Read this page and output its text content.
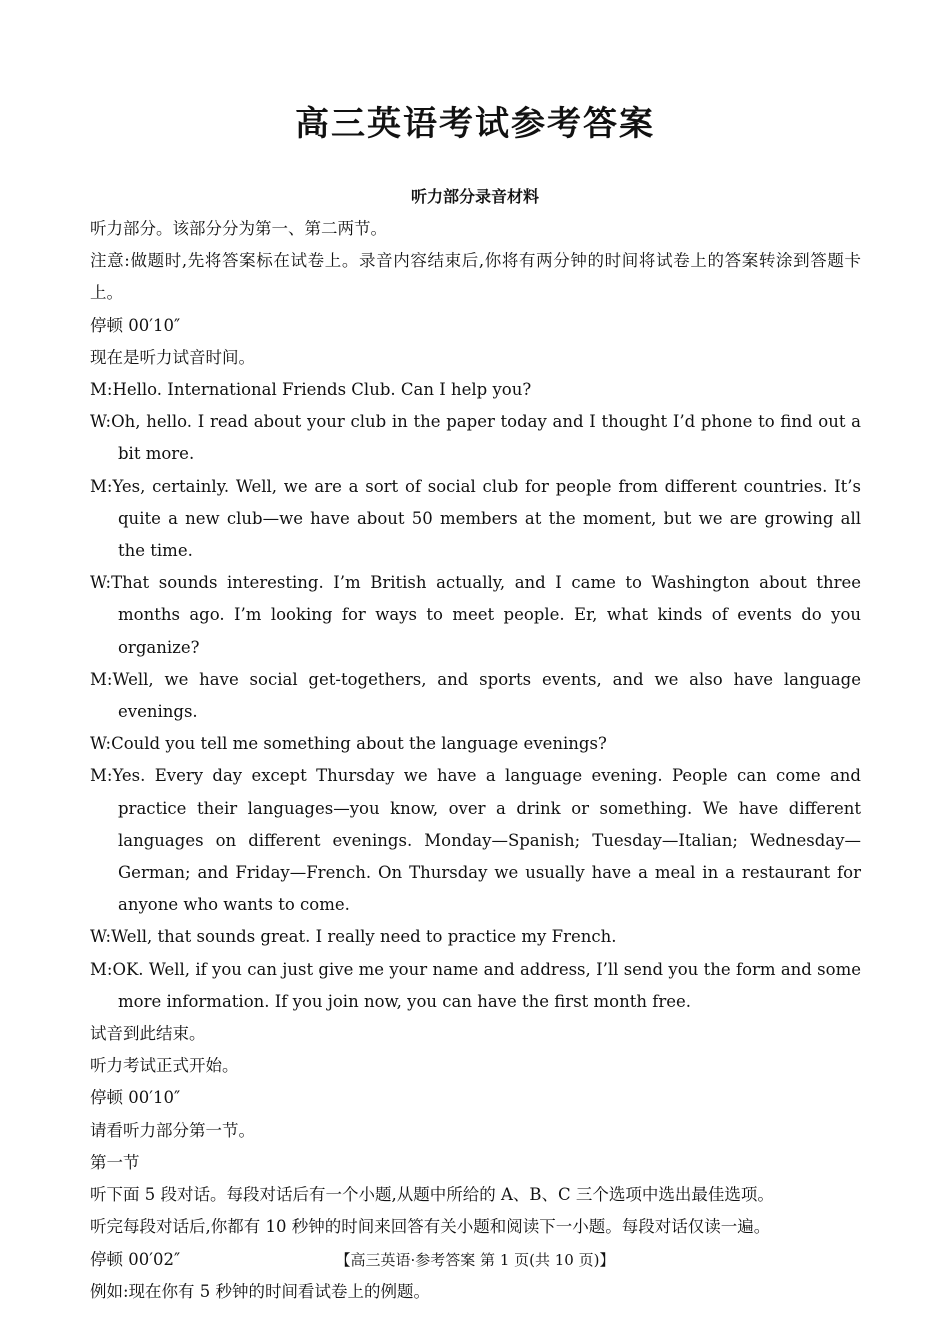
高三英语考试参考答案
听力部分录音材料

听力部分。该部分分为第一、第二两节。

注意:做题时,先将答案标在试卷上。录音内容结束后,你将有两分钟的时间将试卷上的答案转涂到答题卡上。

停顿 00′10″

现在是听力试音时间。

M:Hello. International Friends Club. Can I help you?

W:Oh, hello. I read about your club in the paper today and I thought I’d phone to find out a bit more.

M:Yes, certainly. Well, we are a sort of social club for people from different countries. It’s quite a new club—we have about 50 members at the moment, but we are growing all the time.

W:That sounds interesting. I’m British actually, and I came to Washington about three months ago. I’m looking for ways to meet people. Er, what kinds of events do you organize?

M:Well, we have social get-togethers, and sports events, and we also have language evenings.

W:Could you tell me something about the language evenings?

M:Yes. Every day except Thursday we have a language evening. People can come and practice their languages—you know, over a drink or something. We have different languages on different evenings. Monday—Spanish; Tuesday—Italian; Wednesday—German; and Friday—French. On Thursday we usually have a meal in a restaurant for anyone who wants to come.

W:Well, that sounds great. I really need to practice my French.

M:OK. Well, if you can just give me your name and address, I’ll send you the form and some more information. If you join now, you can have the first month free.

试音到此结束。

听力考试正式开始。

停顿 00′10″

请看听力部分第一节。

第一节

听下面 5 段对话。每段对话后有一个小题,从题中所给的 A、B、C 三个选项中选出最佳选项。

听完每段对话后,你都有 10 秒钟的时间来回答有关小题和阅读下一小题。每段对话仅读一遍。

停顿 00′02″

例如:现在你有 5 秒钟的时间看试卷上的例题。

【高三英语·参考答案 第 1 页(共 10 页)】
